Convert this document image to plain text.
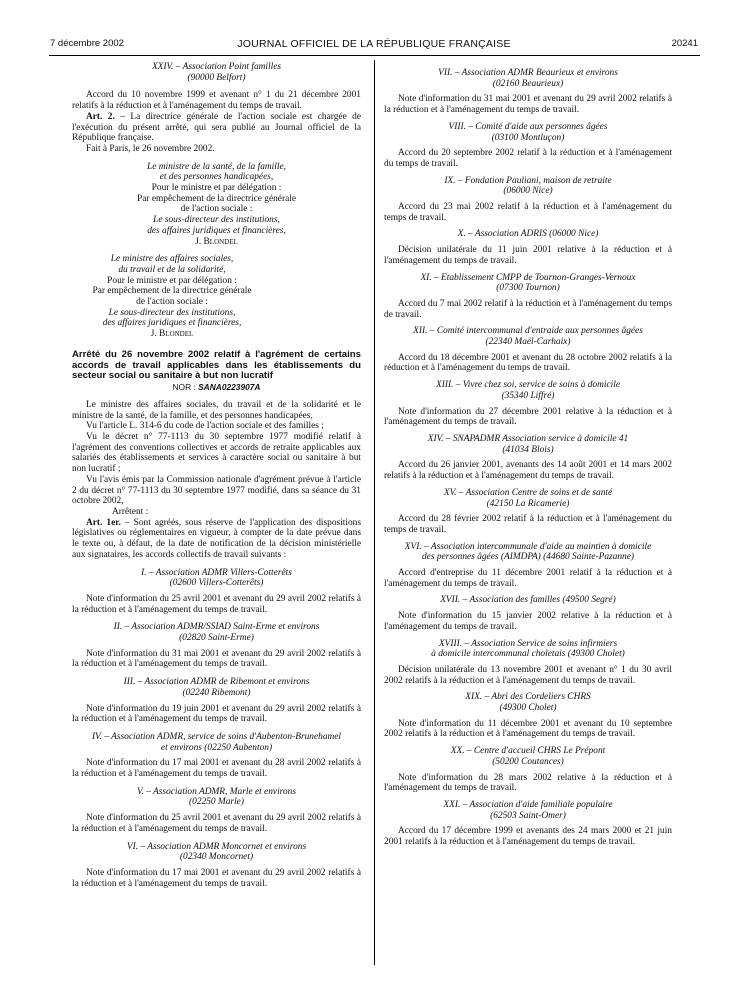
7 décembre 2002	JOURNAL OFFICIEL DE LA RÉPUBLIQUE FRANÇAISE	20241

XXIV. – Association Point familles

(90000 Belfort)

Accord du 10 novembre 1999 et avenant n° 1 du 21 décembre 2001 relatifs à la réduction et à l'aménagement du temps de travail.

Art. 2. – La directrice générale de l'action sociale est chargée de l'exécution du présent arrêté, qui sera publié au Journal officiel de la République française.

Fait à Paris, le 26 novembre 2002.

Le ministre de la santé, de la famille,

et des personnes handicapées,

Pour le ministre et par délégation :

Par empêchement de la directrice générale

de l'action sociale :

Le sous-directeur des institutions,

des affaires juridiques et financières,

J. Blondel

Le ministre des affaires sociales,

du travail et de la solidarité,

Pour le ministre et par délégation :

Par empêchement de la directrice générale

de l'action sociale :

Le sous-directeur des institutions,

des affaires juridiques et financières,

J. Blondel

Arrêté du 26 novembre 2002 relatif à l'agrément de certains accords de travail applicables dans les établissements du secteur social ou sanitaire à but non lucratif

NOR : SANA0223907A

Le ministre des affaires sociales, du travail et de la solidarité et le ministre de la santé, de la famille, et des personnes handicapées,

Vu l'article L. 314-6 du code de l'action sociale et des familles ;

Vu le décret n° 77-1113 du 30 septembre 1977 modifié relatif à l'agrément des conventions collectives et accords de retraite applicables aux salariés des établissements et services à caractère social ou sanitaire à but non lucratif ;

Vu l'avis émis par la Commission nationale d'agrément prévue à l'article 2 du décret n° 77-1113 du 30 septembre 1977 modifié, dans sa séance du 31 octobre 2002,

Arrêtent :

Art. 1er. – Sont agréés, sous réserve de l'application des dispositions législatives ou réglementaires en vigueur, à compter de la date prévue dans le texte ou, à défaut, de la date de notification de la décision ministérielle aux signataires, les accords collectifs de travail suivants :

I. – Association ADMR Villers-Cotterêts

(02600 Villers-Cotterêts)

Note d'information du 25 avril 2001 et avenant du 29 avril 2002 relatifs à la réduction et à l'aménagement du temps de travail.

II. – Association ADMR/SSIAD Saint-Erme et environs

(02820 Saint-Erme)

Note d'information du 31 mai 2001 et avenant du 29 avril 2002 relatifs à la réduction et à l'aménagement du temps de travail.

III. – Association ADMR de Ribemont et environs

(02240 Ribemont)

Note d'information du 19 juin 2001 et avenant du 29 avril 2002 relatifs à la réduction et à l'aménagement du temps de travail.

IV. – Association ADMR, service de soins d'Aubenton-Brunehamel

et environs (02250 Aubenton)

Note d'information du 17 mai 2001 et avenant du 28 avril 2002 relatifs à la réduction et à l'aménagement du temps de travail.

V. – Association ADMR, Marle et environs

(02250 Marle)

Note d'information du 25 avril 2001 et avenant du 29 avril 2002 relatifs à la réduction et à l'aménagement du temps de travail.

VI. – Association ADMR Moncornet et environs

(02340 Moncornet)

Note d'information du 17 mai 2001 et avenant du 29 avril 2002 relatifs à la réduction et à l'aménagement du temps de travail.

VII. – Association ADMR Beaurieux et environs

(02160 Beaurieux)

Note d'information du 31 mai 2001 et avenant du 29 avril 2002 relatifs à la réduction et à l'aménagement du temps de travail.

VIII. – Comité d'aide aux personnes âgées

(03100 Montluçon)

Accord du 20 septembre 2002 relatif à la réduction et à l'aménagement du temps de travail.

IX. – Fondation Pauliani, maison de retraite

(06000 Nice)

Accord du 23 mai 2002 relatif à la réduction et à l'aménagement du temps de travail.

X. – Association ADRIS (06000 Nice)

Décision unilatérale du 11 juin 2001 relative à la réduction et à l'aménagement du temps de travail.

XI. – Etablissement CMPP de Tournon-Granges-Vernoux

(07300 Tournon)

Accord du 7 mai 2002 relatif à la réduction et à l'aménagement du temps de travail.

XII. – Comité intercommunal d'entraide aux personnes âgées

(22340 Maël-Carhaix)

Accord du 18 décembre 2001 et avenant du 28 octobre 2002 relatifs à la réduction et à l'aménagement du temps de travail.

XIII. – Vivre chez soi, service de soins à domicile

(35340 Liffré)

Note d'information du 27 décembre 2001 relative à la réduction et à l'aménagement du temps de travail.

XIV. – SNAPADMR Association service à domicile 41

(41034 Blois)

Accord du 26 janvier 2001, avenants des 14 août 2001 et 14 mars 2002 relatifs à la réduction et à l'aménagement du temps de travail.

XV. – Association Centre de soins et de santé

(42150 La Ricamerie)

Accord du 28 février 2002 relatif à la réduction et à l'aménagement du temps de travail.

XVI. – Association intercommunale d'aide au maintien à domicile

des personnes âgées (AIMDPA) (44680 Sainte-Pazanne)

Accord d'entreprise du 11 décembre 2001 relatif à la réduction et à l'aménagement du temps de travail.

XVII. – Association des familles (49500 Segré)

Note d'information du 15 janvier 2002 relative à la réduction et à l'aménagement du temps de travail.

XVIII. – Association Service de soins infirmiers

à domicile intercommunal choletais (49300 Cholet)

Décision unilatérale du 13 novembre 2001 et avenant n° 1 du 30 avril 2002 relatifs à la réduction et à l'aménagement du temps de travail.

XIX. – Abri des Cordeliers CHRS

(49300 Cholet)

Note d'information du 11 décembre 2001 et avenant du 10 septembre 2002 relatifs à la réduction et à l'aménagement du temps de travail.

XX. – Centre d'accueil CHRS Le Prépont

(50200 Coutances)

Note d'information du 28 mars 2002 relative à la réduction et à l'aménagement du temps de travail.

XXI. – Association d'aide familiale populaire

(62503 Saint-Omer)

Accord du 17 décembre 1999 et avenants des 24 mars 2000 et 21 juin 2001 relatifs à la réduction et à l'aménagement du temps de travail.
